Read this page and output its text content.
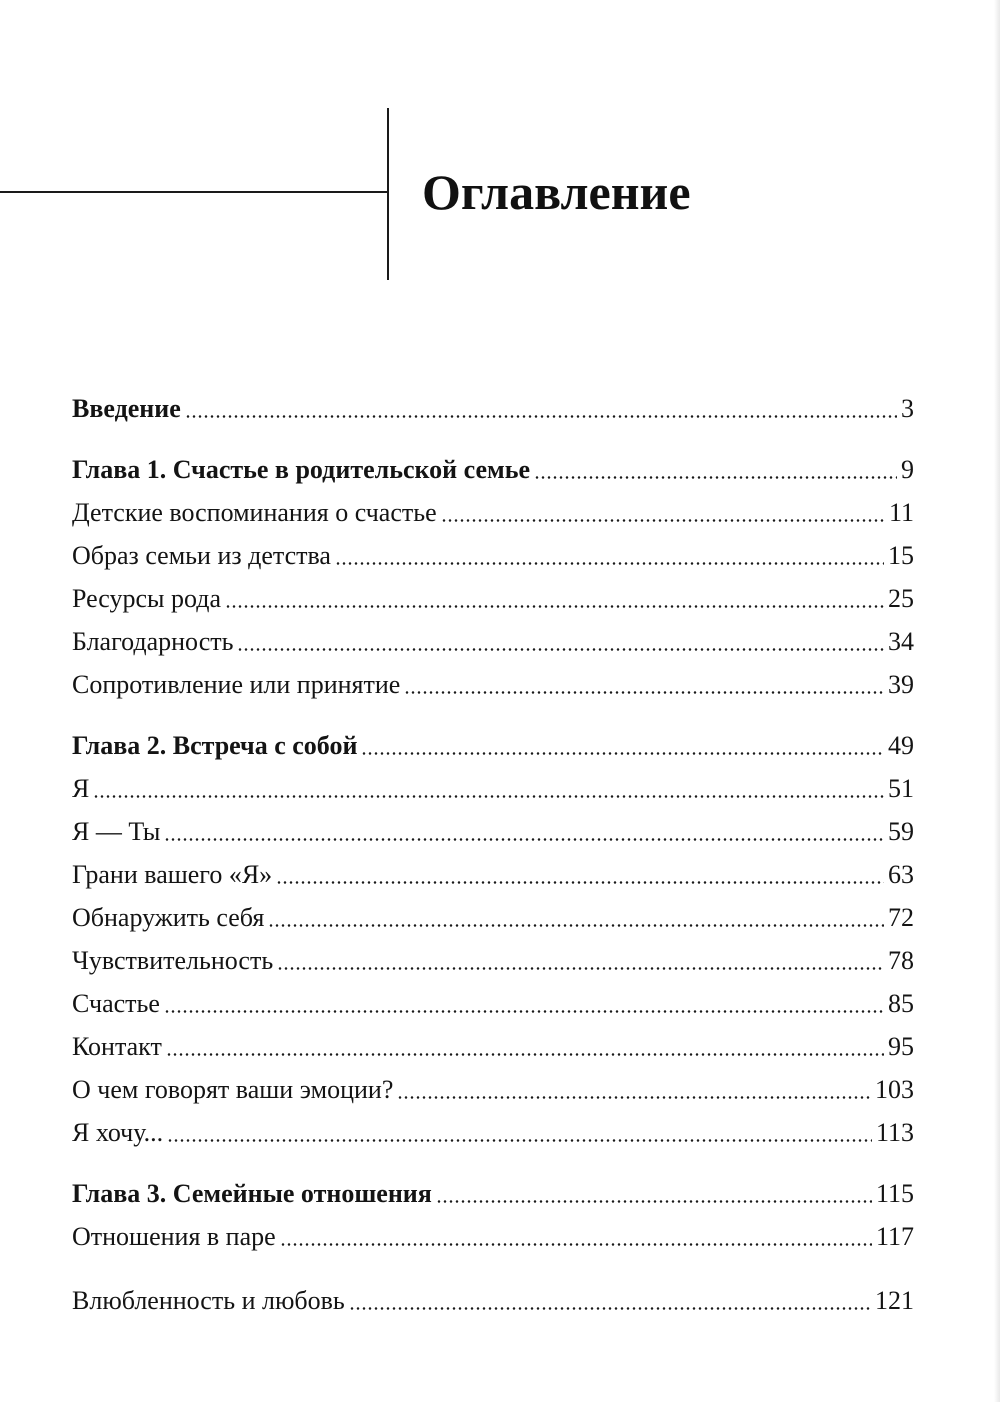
Оглавление
Введение	3
Глава 1. Счастье в родительской семье	9
Детские воспоминания о счастье	11
Образ семьи из детства	15
Ресурсы рода	25
Благодарность	34
Сопротивление или принятие	39
Глава 2. Встреча с собой	49
Я	51
Я — Ты	59
Грани вашего «Я»	63
Обнаружить себя	72
Чувствительность	78
Счастье	85
Контакт	95
О чем говорят ваши эмоции?	103
Я хочу...	113
Глава 3. Семейные отношения	115
Отношения в паре	117
Влюбленность и любовь	121
